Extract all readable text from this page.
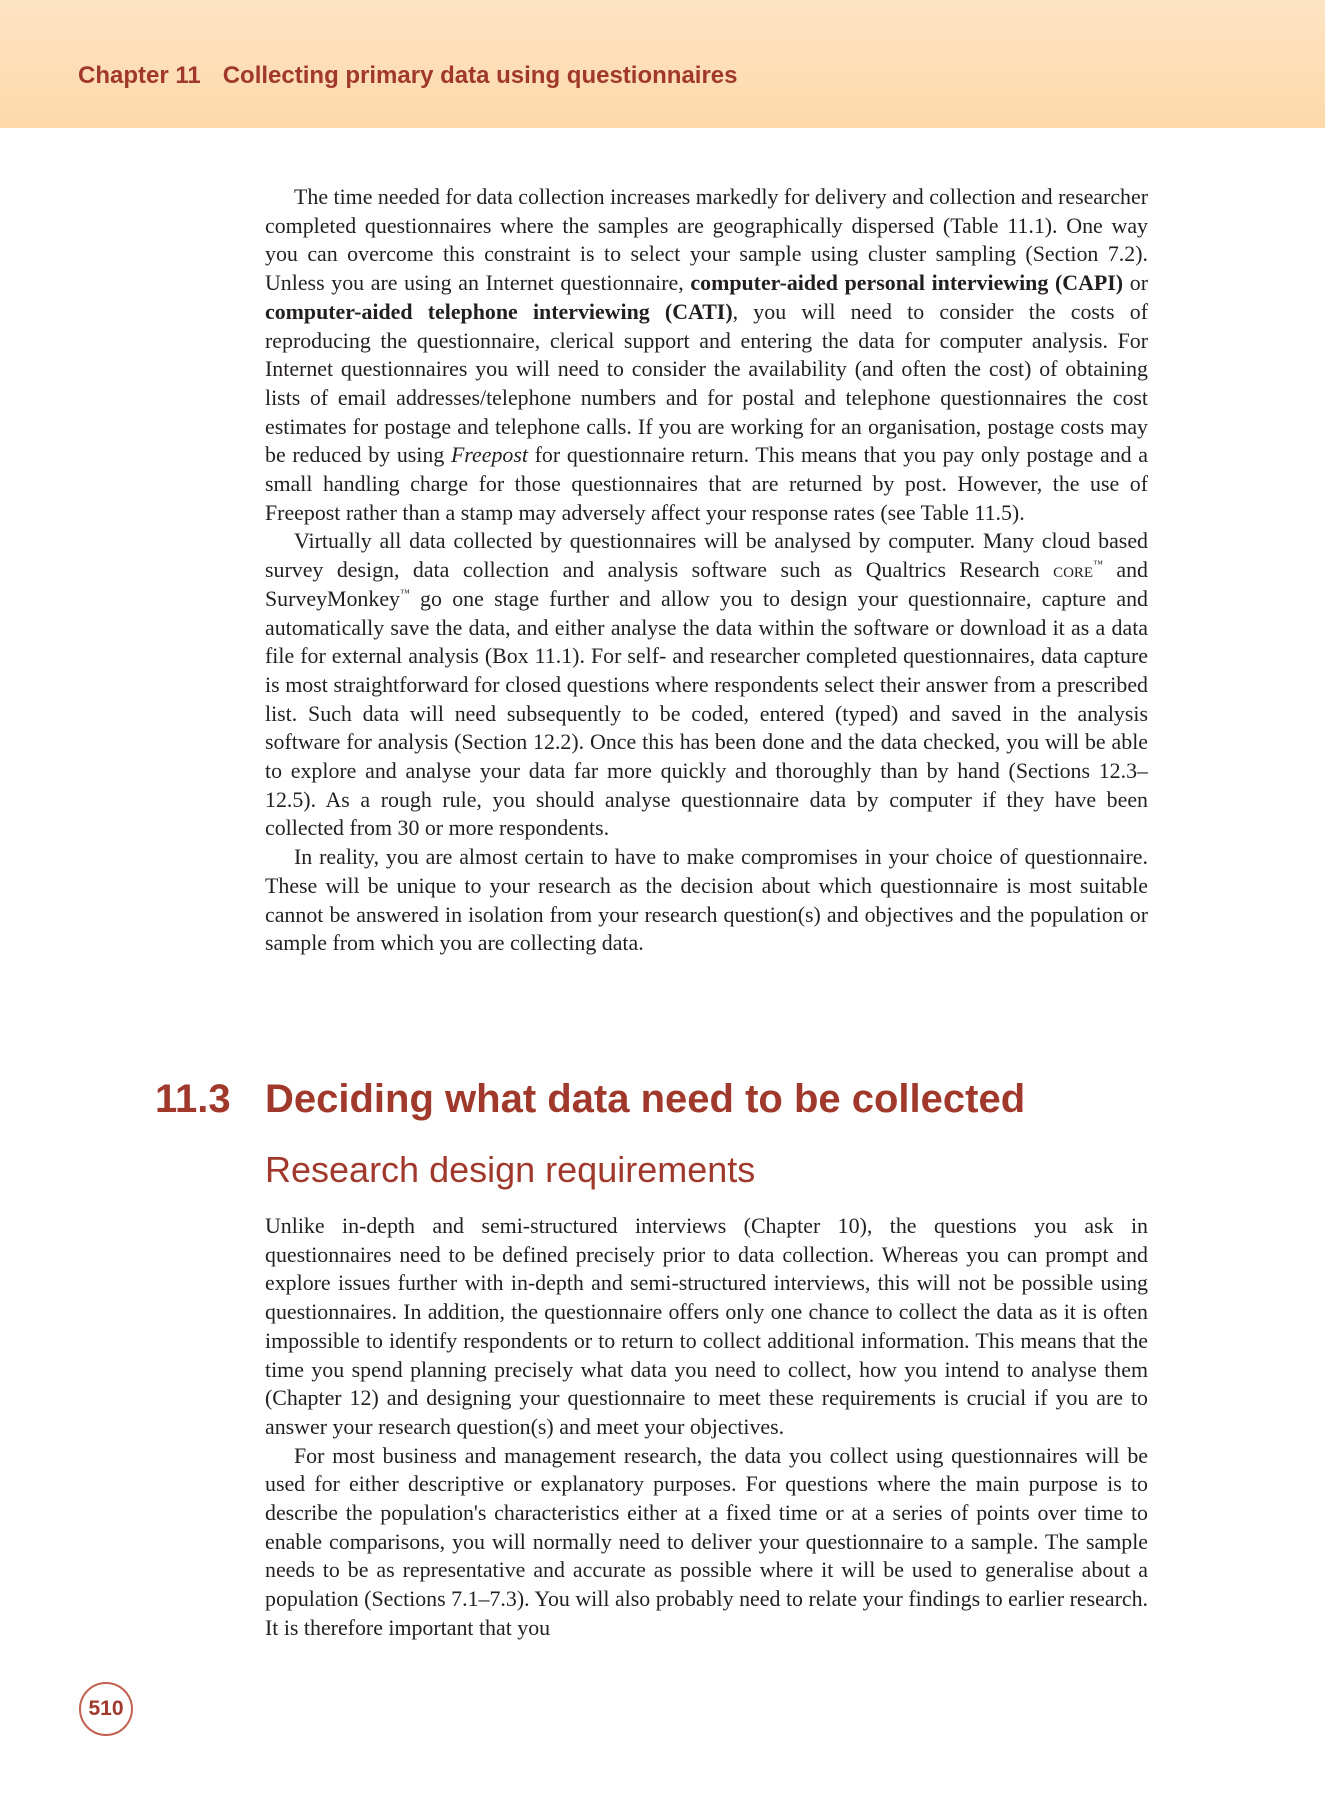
Chapter 11 Collecting primary data using questionnaires

The time needed for data collection increases markedly for delivery and collection and researcher completed questionnaires where the samples are geographically dispersed (Table 11.1). One way you can overcome this constraint is to select your sample using cluster sampling (Section 7.2). Unless you are using an Internet questionnaire, computer-aided personal interviewing (CAPI) or computer-aided telephone interviewing (CATI), you will need to consider the costs of reproducing the questionnaire, clerical support and entering the data for computer analysis. For Internet questionnaires you will need to consider the availability (and often the cost) of obtaining lists of email addresses/telephone numbers and for postal and telephone questionnaires the cost estimates for postage and telephone calls. If you are working for an organisation, postage costs may be reduced by using Freepost for questionnaire return. This means that you pay only postage and a small handling charge for those questionnaires that are returned by post. However, the use of Freepost rather than a stamp may adversely affect your response rates (see Table 11.5).

Virtually all data collected by questionnaires will be analysed by computer. Many cloud based survey design, data collection and analysis software such as Qualtrics Research core™ and SurveyMonkey™ go one stage further and allow you to design your questionnaire, capture and automatically save the data, and either analyse the data within the software or download it as a data file for external analysis (Box 11.1). For self- and researcher completed questionnaires, data capture is most straightforward for closed questions where respondents select their answer from a prescribed list. Such data will need subsequently to be coded, entered (typed) and saved in the analysis software for analysis (Section 12.2). Once this has been done and the data checked, you will be able to explore and analyse your data far more quickly and thoroughly than by hand (Sections 12.3–12.5). As a rough rule, you should analyse questionnaire data by computer if they have been collected from 30 or more respondents.

In reality, you are almost certain to have to make compromises in your choice of questionnaire. These will be unique to your research as the decision about which questionnaire is most suitable cannot be answered in isolation from your research question(s) and objectives and the population or sample from which you are collecting data.

11.3 Deciding what data need to be collected
Research design requirements

Unlike in-depth and semi-structured interviews (Chapter 10), the questions you ask in questionnaires need to be defined precisely prior to data collection. Whereas you can prompt and explore issues further with in-depth and semi-structured interviews, this will not be possible using questionnaires. In addition, the questionnaire offers only one chance to collect the data as it is often impossible to identify respondents or to return to collect additional information. This means that the time you spend planning precisely what data you need to collect, how you intend to analyse them (Chapter 12) and designing your questionnaire to meet these requirements is crucial if you are to answer your research question(s) and meet your objectives.

For most business and management research, the data you collect using questionnaires will be used for either descriptive or explanatory purposes. For questions where the main purpose is to describe the population's characteristics either at a fixed time or at a series of points over time to enable comparisons, you will normally need to deliver your questionnaire to a sample. The sample needs to be as representative and accurate as possible where it will be used to generalise about a population (Sections 7.1–7.3). You will also probably need to relate your findings to earlier research. It is therefore important that you

510
